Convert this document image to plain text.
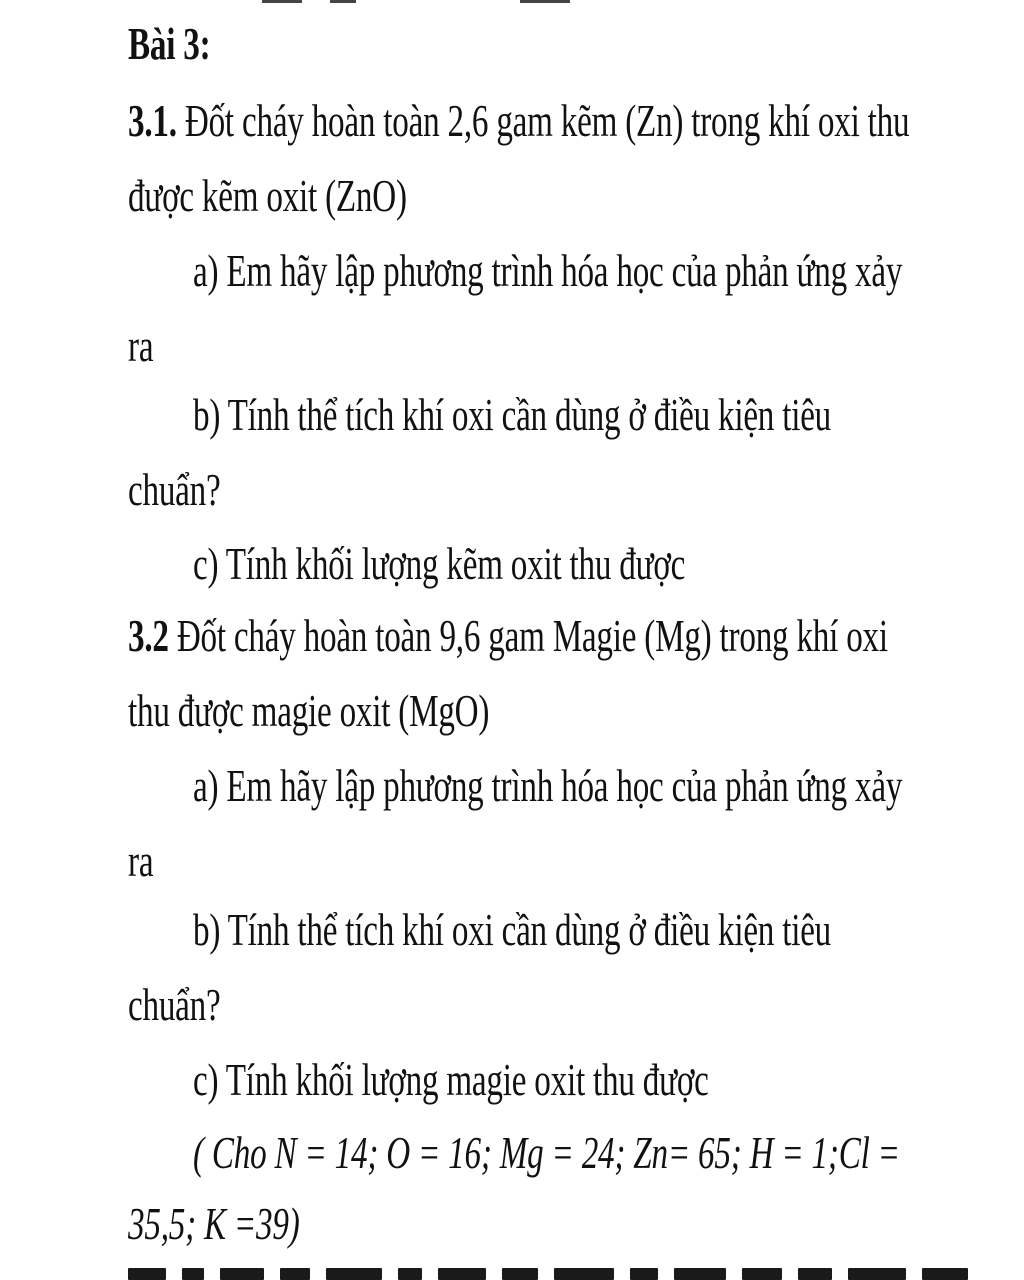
Bài 3:
3.1. Đốt cháy hoàn toàn 2,6 gam kẽm (Zn) trong khí oxi thu
được kẽm oxit (ZnO)
a) Em hãy lập phương trình hóa học của phản ứng xảy
ra
b) Tính thể tích khí oxi cần dùng ở điều kiện tiêu
chuẩn?
c) Tính khối lượng kẽm oxit thu được
3.2 Đốt cháy hoàn toàn 9,6 gam Magie (Mg) trong khí oxi
thu được magie oxit (MgO)
a) Em hãy lập phương trình hóa học của phản ứng xảy
ra
b) Tính thể tích khí oxi cần dùng ở điều kiện tiêu
chuẩn?
c) Tính khối lượng magie oxit thu được
( Cho N = 14; O = 16; Mg = 24; Zn= 65; H = 1;Cl =
35,5; K =39)
